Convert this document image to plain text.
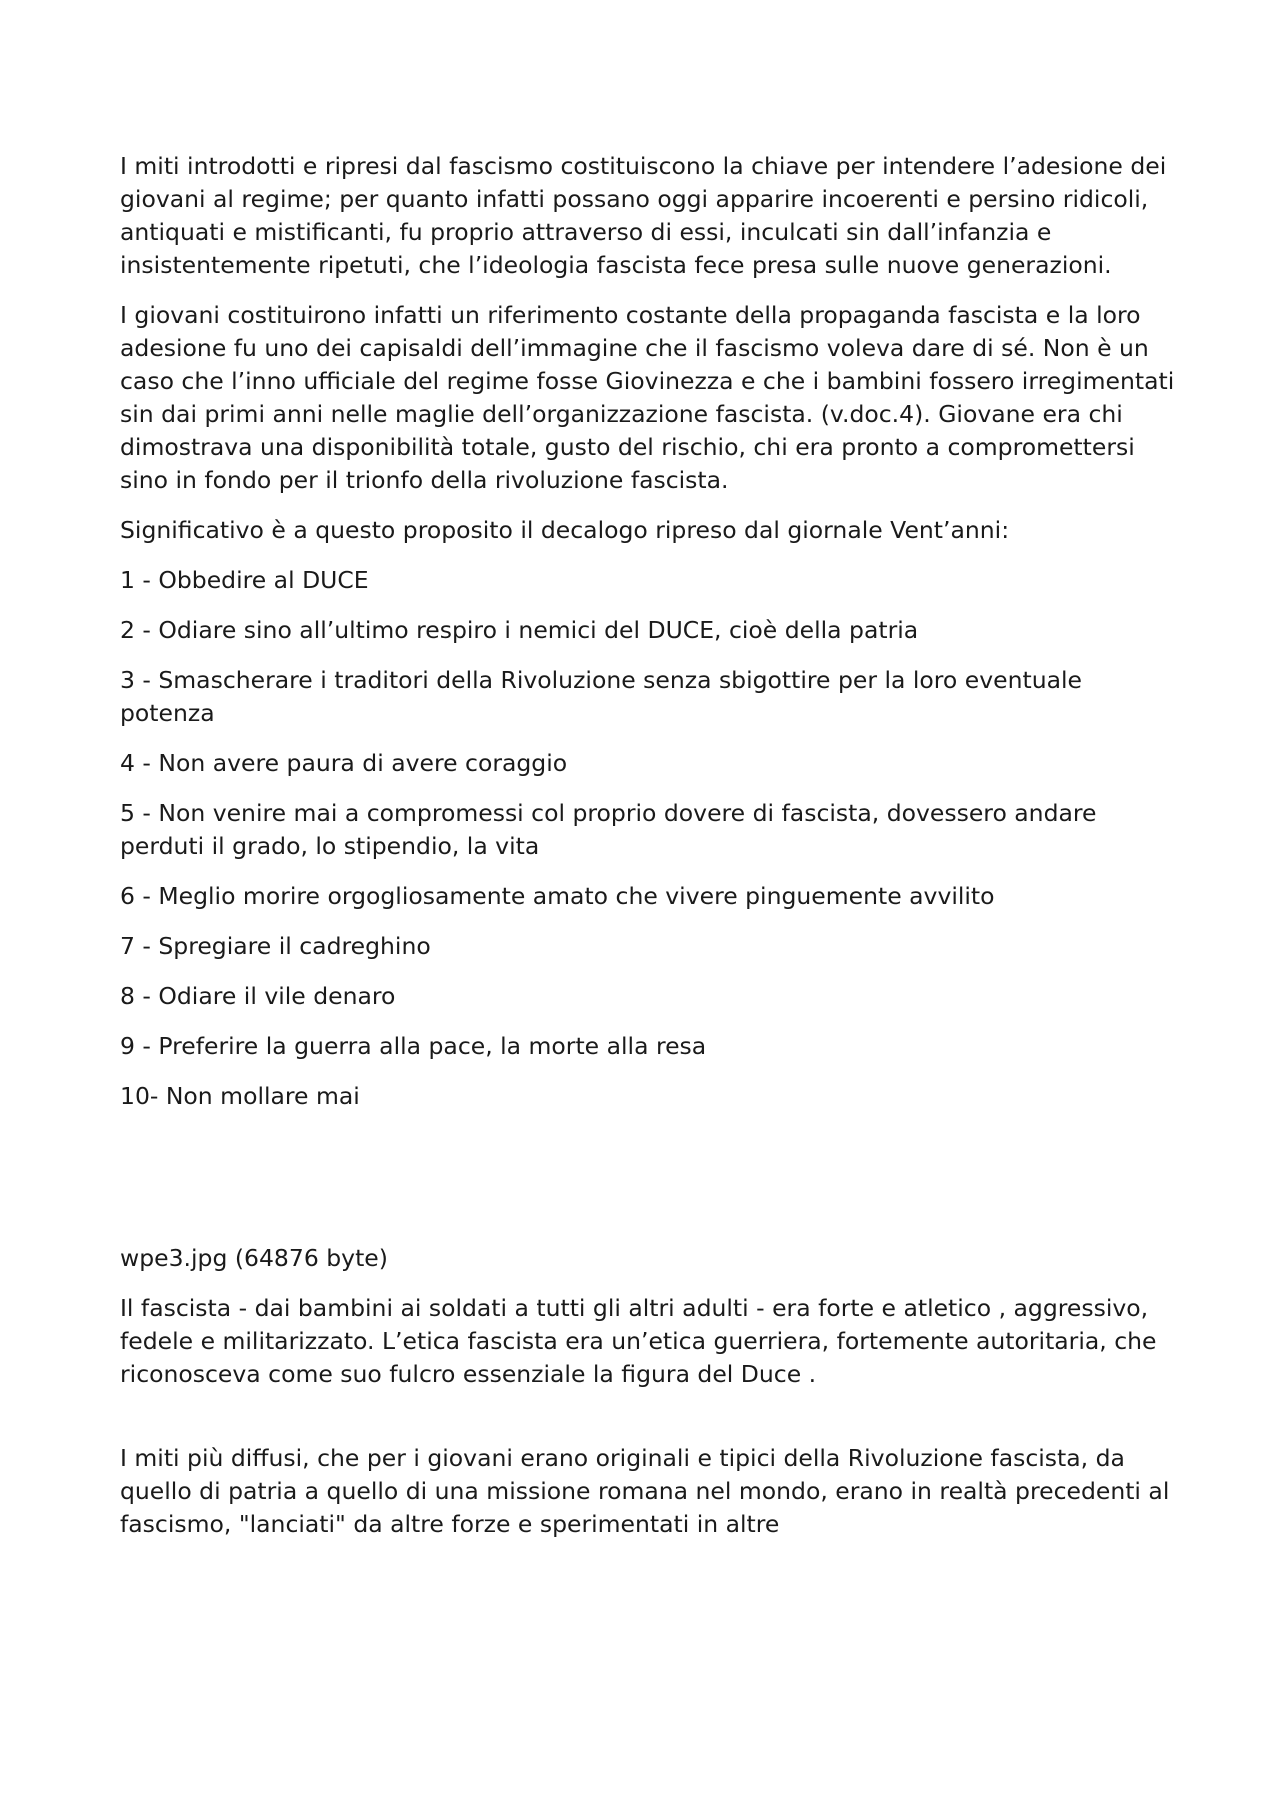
I miti introdotti e ripresi dal fascismo costituiscono la chiave per intendere l’adesione dei giovani al regime; per quanto infatti possano oggi apparire incoerenti e persino ridicoli, antiquati e mistificanti, fu proprio attraverso di essi, inculcati sin dall’infanzia e insistentemente ripetuti, che l’ideologia fascista fece presa sulle nuove generazioni.

I giovani costituirono infatti un riferimento costante della propaganda fascista e la loro adesione fu uno dei capisaldi dell’immagine che il fascismo voleva dare di sé. Non è un caso che l’inno ufficiale del regime fosse Giovinezza e che i bambini fossero irregimentati sin dai primi anni nelle maglie dell’organizzazione fascista. (v.doc.4). Giovane era chi dimostrava una disponibilità totale, gusto del rischio, chi era pronto a compromettersi sino in fondo per il trionfo della rivoluzione fascista.

Significativo è a questo proposito il decalogo ripreso dal giornale Vent’anni:

1 - Obbedire al DUCE
2 - Odiare sino all’ultimo respiro i nemici del DUCE, cioè della patria
3 - Smascherare i traditori della Rivoluzione senza sbigottire per la loro eventuale potenza
4 - Non avere paura di avere coraggio
5 - Non venire mai a compromessi col proprio dovere di fascista, dovessero andare perduti il grado, lo stipendio, la vita
6 - Meglio morire orgogliosamente amato che vivere pinguemente avvilito
7 - Spregiare il cadreghino
8 - Odiare il vile denaro
9 - Preferire la guerra alla pace, la morte alla resa
10- Non mollare mai

wpe3.jpg (64876 byte)

Il fascista - dai bambini ai soldati a tutti gli altri adulti - era forte e atletico , aggressivo, fedele e militarizzato. L’etica fascista era un’etica guerriera, fortemente autoritaria, che riconosceva come suo fulcro essenziale la figura del Duce .

I miti più diffusi, che per i giovani erano originali e tipici della Rivoluzione fascista, da quello di patria a quello di una missione romana nel mondo, erano in realtà precedenti al fascismo, "lanciati" da altre forze e sperimentati in altre
